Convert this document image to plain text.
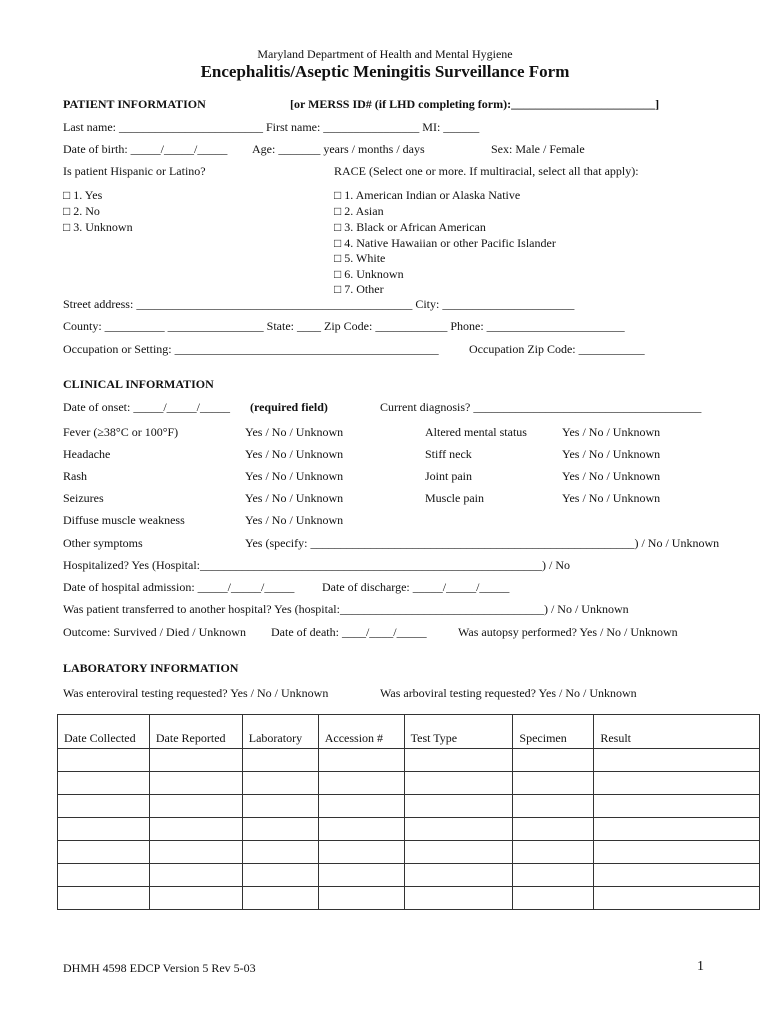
Maryland Department of Health and Mental Hygiene
Encephalitis/Aseptic Meningitis Surveillance Form
PATIENT INFORMATION	[or MERSS ID# (if LHD completing form):________________________]
Last name: ________________________ First name: ________________ MI: ______
Date of birth: _____/_____/_____ Age: _______ years / months / days	Sex: Male / Female
Is patient Hispanic or Latino?	RACE (Select one or more. If multiracial, select all that apply):
□ 1. Yes
□ 2. No
□ 3. Unknown
□ 1. American Indian or Alaska Native
□ 2. Asian
□ 3. Black or African American
□ 4. Native Hawaiian or other Pacific Islander
□ 5. White
□ 6. Unknown
□ 7. Other
Street address: ______________________________________________ City: ______________________
County: __________ ________________ State: ____ Zip Code: ____________ Phone: _______________________
Occupation or Setting: ____________________________________________	Occupation Zip Code: ___________
CLINICAL INFORMATION
Date of onset: _____/_____/_____ (required field)	Current diagnosis? ______________________________________
Fever (≥38°C or 100°F)	Yes / No / Unknown	Altered mental status	Yes / No / Unknown
Headache	Yes / No / Unknown	Stiff neck	Yes / No / Unknown
Rash	Yes / No / Unknown	Joint pain	Yes / No / Unknown
Seizures	Yes / No / Unknown	Muscle pain	Yes / No / Unknown
Diffuse muscle weakness	Yes / No / Unknown
Other symptoms	Yes (specify: ______________________________________________________) / No / Unknown
Hospitalized? Yes (Hospital:_________________________________________________________) / No
Date of hospital admission: _____/_____/_____ Date of discharge: _____/_____/_____
Was patient transferred to another hospital? Yes (hospital:__________________________________) / No / Unknown
Outcome: Survived / Died / Unknown Date of death: ____/____/_____	Was autopsy performed? Yes / No / Unknown
LABORATORY INFORMATION
Was enteroviral testing requested? Yes / No / Unknown	Was arboviral testing requested? Yes / No / Unknown
Date Collected	Date Reported	Laboratory	Accession #	Test Type	Specimen	Result

DHMH 4598 EDCP Version 5 Rev 5-03	1
